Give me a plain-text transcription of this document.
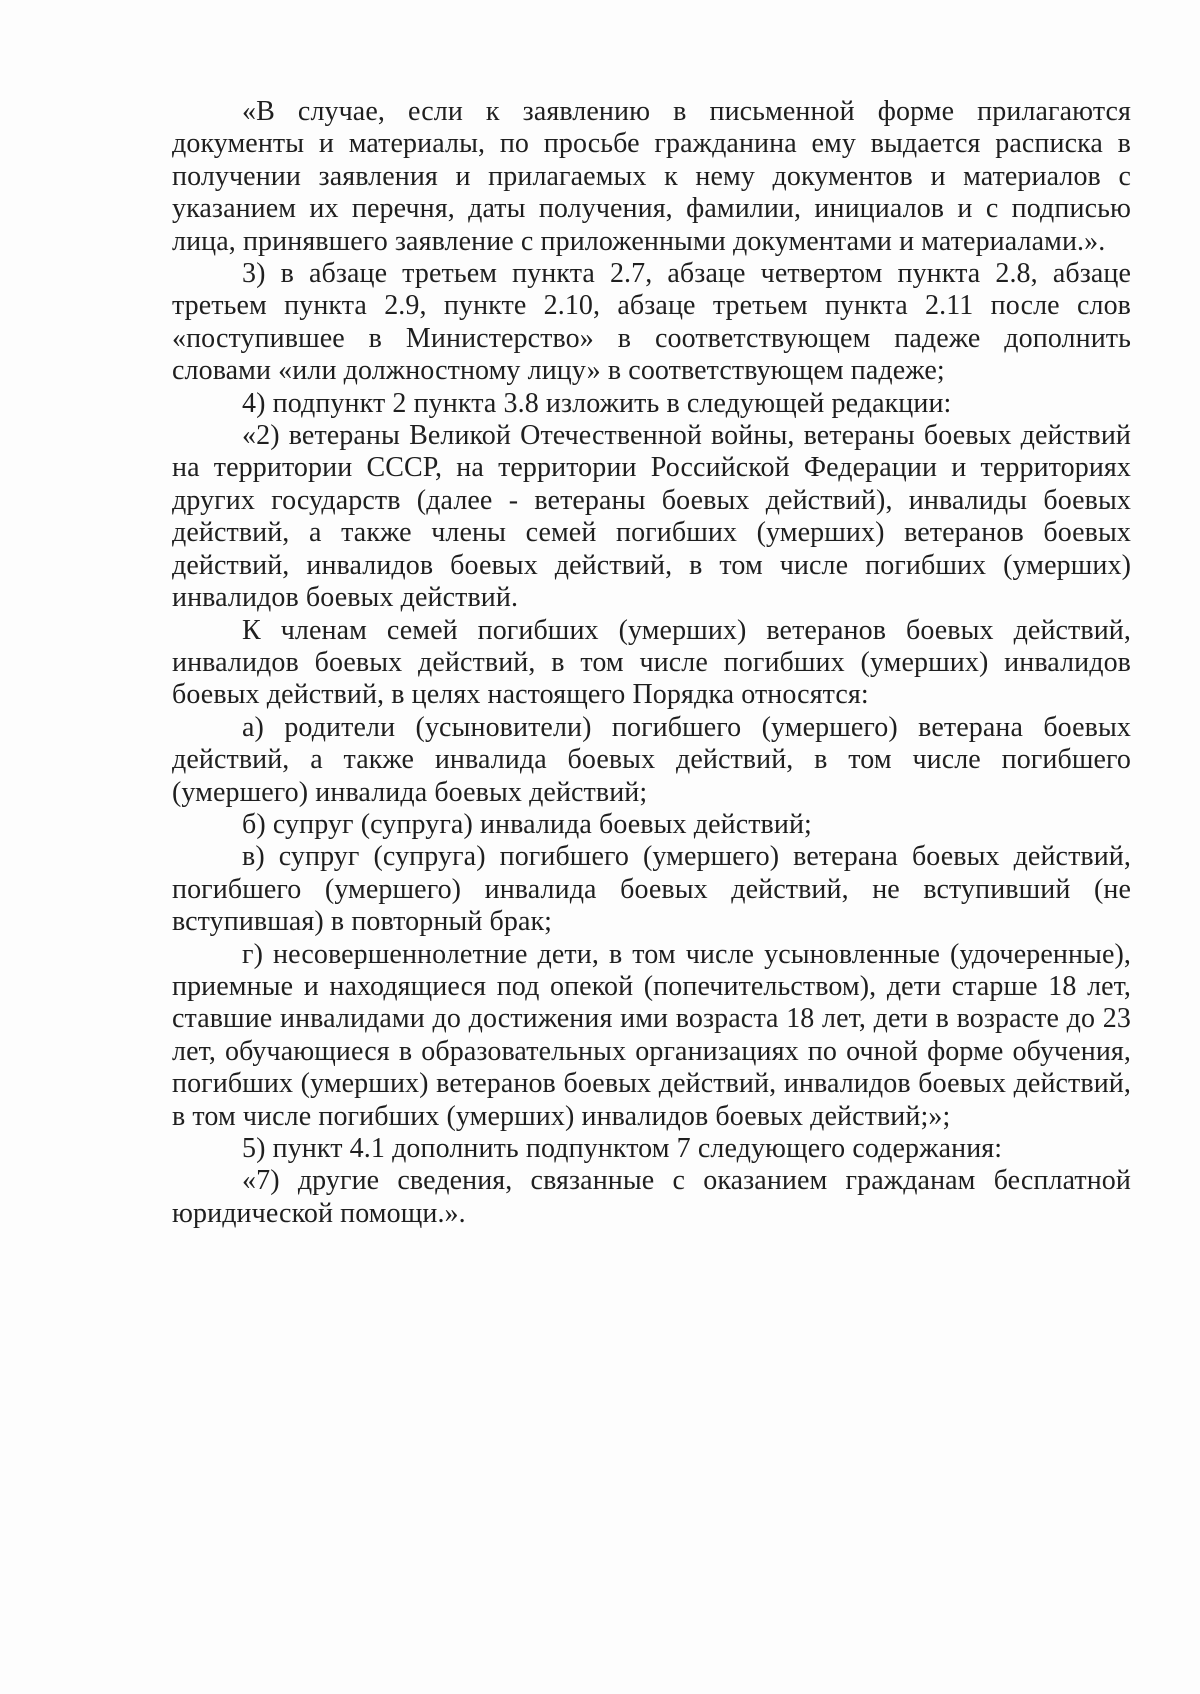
«В случае, если к заявлению в письменной форме прилагаются документы и материалы, по просьбе гражданина ему выдается расписка в получении заявления и прилагаемых к нему документов и материалов с указанием их перечня, даты получения, фамилии, инициалов и с подписью лица, принявшего заявление с приложенными документами и материалами.».

3) в абзаце третьем пункта 2.7, абзаце четвертом пункта 2.8, абзаце третьем пункта 2.9, пункте 2.10, абзаце третьем пункта 2.11 после слов «поступившее в Министерство» в соответствующем падеже дополнить словами «или должностному лицу» в соответствующем падеже;

4) подпункт 2 пункта 3.8 изложить в следующей редакции:

«2) ветераны Великой Отечественной войны, ветераны боевых действий на территории СССР, на территории Российской Федерации и территориях других государств (далее - ветераны боевых действий), инвалиды боевых действий, а также члены семей погибших (умерших) ветеранов боевых действий, инвалидов боевых действий, в том числе погибших (умерших) инвалидов боевых действий.

К членам семей погибших (умерших) ветеранов боевых действий, инвалидов боевых действий, в том числе погибших (умерших) инвалидов боевых действий, в целях настоящего Порядка относятся:

а) родители (усыновители) погибшего (умершего) ветерана боевых действий, а также инвалида боевых действий, в том числе погибшего (умершего) инвалида боевых действий;

б) супруг (супруга) инвалида боевых действий;

в) супруг (супруга) погибшего (умершего) ветерана боевых действий, погибшего (умершего) инвалида боевых действий, не вступивший (не вступившая) в повторный брак;

г) несовершеннолетние дети, в том числе усыновленные (удочеренные), приемные и находящиеся под опекой (попечительством), дети старше 18 лет, ставшие инвалидами до достижения ими возраста 18 лет, дети в возрасте до 23 лет, обучающиеся в образовательных организациях по очной форме обучения, погибших (умерших) ветеранов боевых действий, инвалидов боевых действий, в том числе погибших (умерших) инвалидов боевых действий;»;

5) пункт 4.1 дополнить подпунктом 7 следующего содержания:

«7) другие сведения, связанные с оказанием гражданам бесплатной юридической помощи.».
